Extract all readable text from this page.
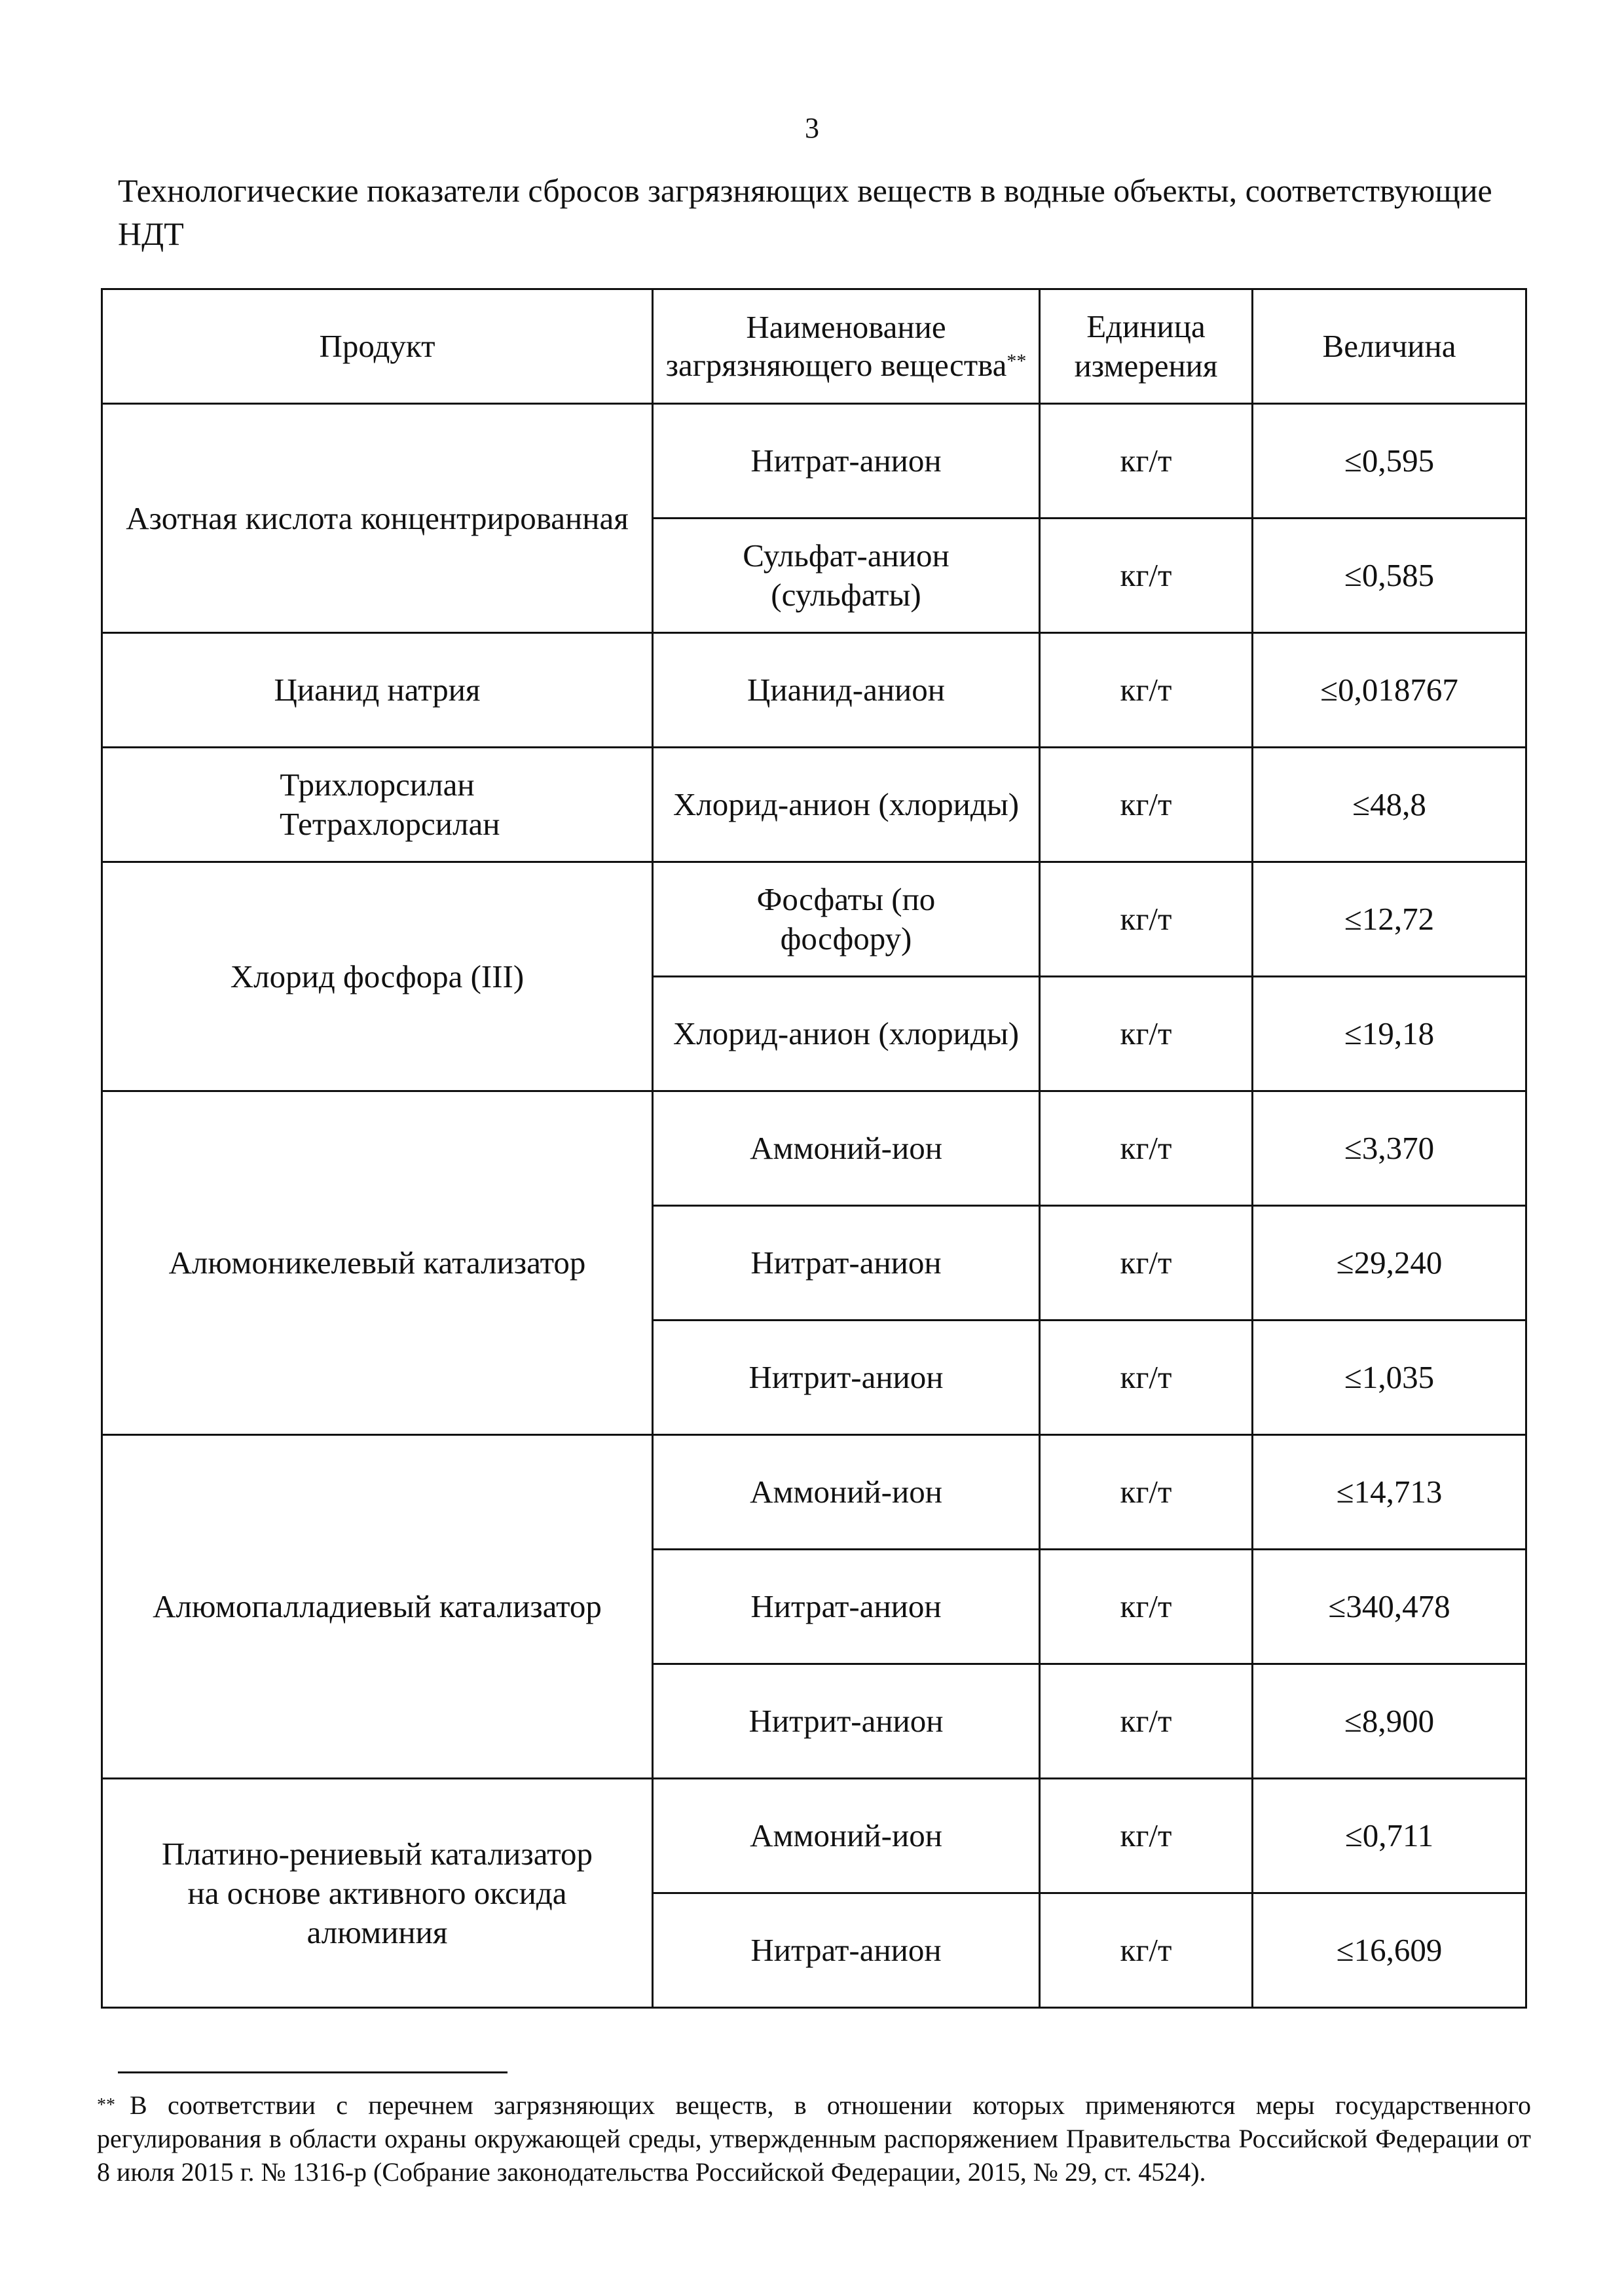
3
Технологические показатели сбросов загрязняющих веществ в водные объекты, соответствующие НДТ
Продукт	Наименование загрязняющего вещества**	Единица измерения	Величина
Азотная кислота концентрированная	Нитрат-анион	кг/т	≤0,595
	Сульфат-анион (сульфаты)	кг/т	≤0,585
Цианид натрия	Цианид-анион	кг/т	≤0,018767
Трихлорсилан Тетрахлорсилан	Хлорид-анион (хлориды)	кг/т	≤48,8
Хлорид фосфора (III)	Фосфаты (по фосфору)	кг/т	≤12,72
	Хлорид-анион (хлориды)	кг/т	≤19,18
Алюмоникелевый катализатор	Аммоний-ион	кг/т	≤3,370
	Нитрат-анион	кг/т	≤29,240
	Нитрит-анион	кг/т	≤1,035
Алюмопалладиевый катализатор	Аммоний-ион	кг/т	≤14,713
	Нитрат-анион	кг/т	≤340,478
	Нитрит-анион	кг/т	≤8,900
Платино-рениевый катализатор на основе активного оксида алюминия	Аммоний-ион	кг/т	≤0,711
	Нитрат-анион	кг/т	≤16,609
** В соответствии с перечнем загрязняющих веществ, в отношении которых применяются меры государственного регулирования в области охраны окружающей среды, утвержденным распоряжением Правительства Российской Федерации от 8 июля 2015 г. № 1316-р (Собрание законодательства Российской Федерации, 2015, № 29, ст. 4524).
